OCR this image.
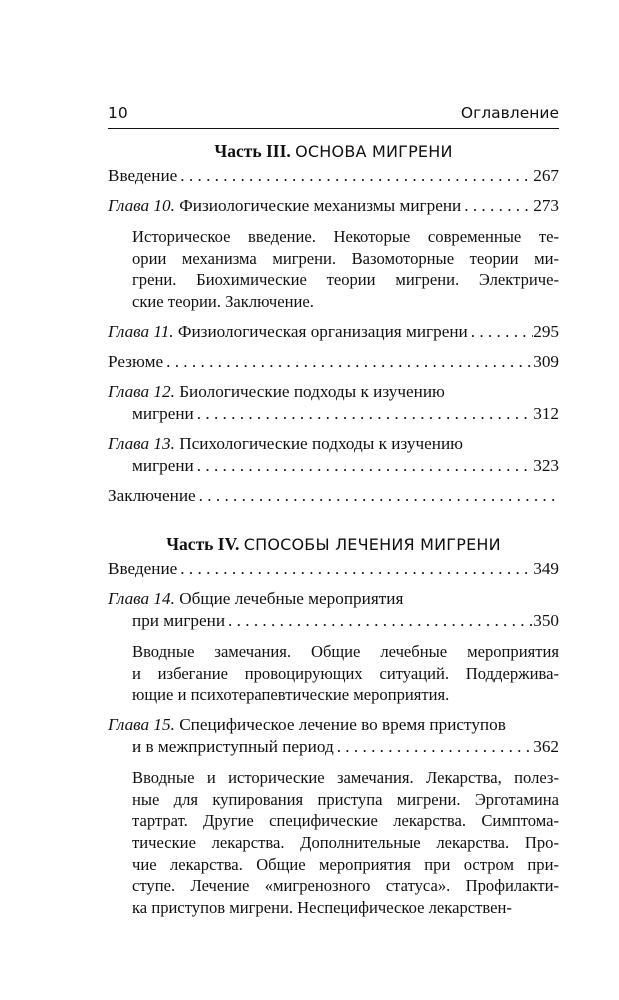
10	Оглавление
Часть III. ОСНОВА МИГРЕНИ
Введение . . .	267
Глава 10. Физиологические механизмы мигрени . . .	273
Историческое введение. Некоторые современные те-
ории механизма мигрени. Вазомоторные теории ми-
грени. Биохимические теории мигрени. Электриче-
ские теории. Заключение.
Глава 11. Физиологическая организация мигрени . . .	295
Резюме . . .	309
Глава 12. Биологические подходы к изучению
мигрени . . .	312
Глава 13. Психологические подходы к изучению
мигрени . . .	323
Заключение
. . .
Часть IV. СПОСОБЫ ЛЕЧЕНИЯ МИГРЕНИ
Введение . . .	349
Глава 14. Общие лечебные мероприятия
при мигрени . . .	350
Вводные замечания. Общие лечебные мероприятия
и избегание провоцирующих ситуаций. Поддержива-
ющие и психотерапевтические мероприятия.
Глава 15. Специфическое лечение во время приступов
и в межприступный период . . .	362
Вводные и исторические замечания. Лекарства, полез-
ные для купирования приступа мигрени. Эрготамина
тартрат. Другие специфические лекарства. Симптома-
тические лекарства. Дополнительные лекарства. Про-
чие лекарства. Общие мероприятия при остром при-
ступе. Лечение «мигренозного статуса». Профилакти-
ка приступов мигрени. Неспецифическое лекарствен-
